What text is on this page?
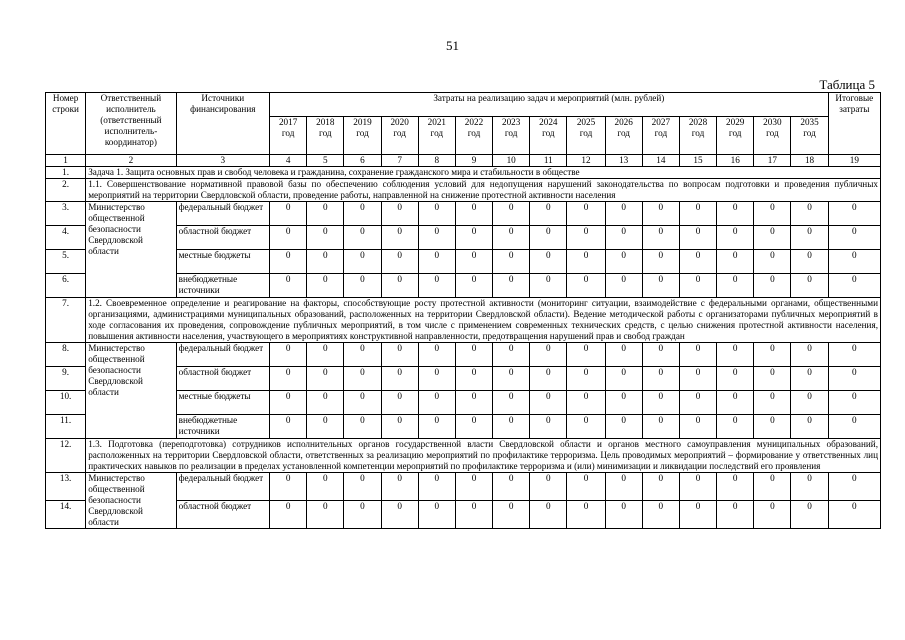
51
Таблица 5
Номер строки	Ответственный исполнитель (ответственный исполнитель-координатор)	Источники финансирования	Затраты на реализацию задач и мероприятий (млн. рублей)															Итоговые затраты
			2017 год	2018 год	2019 год	2020 год	2021 год	2022 год	2023 год	2024 год	2025 год	2026 год	2027 год	2028 год	2029 год	2030 год	2035 год	
1	2	3	4	5	6	7	8	9	10	11	12	13	14	15	16	17	18	19
1.	Задача 1. Защита основных прав и свобод человека и гражданина, сохранение гражданского мира и стабильности в обществе																	
2.	1.1. Совершенствование нормативной правовой базы по обеспечению соблюдения условий для недопущения нарушений законодательства по вопросам подготовки и проведения публичных мероприятий на территории Свердловской области, проведение работы, направленной на снижение протестной активности населения																	
3.	Министерство общественной безопасности Свердловской области	федеральный бюджет	0	0	0	0	0	0	0	0	0	0	0	0	0	0	0	0
4.		областной бюджет	0	0	0	0	0	0	0	0	0	0	0	0	0	0	0	0
5.		местные бюджеты	0	0	0	0	0	0	0	0	0	0	0	0	0	0	0	0
6.		внебюджетные источники	0	0	0	0	0	0	0	0	0	0	0	0	0	0	0	0
7.	1.2. Своевременное определение и реагирование на факторы, способствующие росту протестной активности (мониторинг ситуации, взаимодействие с федеральными органами, общественными организациями, администрациями муниципальных образований, расположенных на территории Свердловской области). Ведение методической работы с организаторами публичных мероприятий в ходе согласования их проведения, сопровождение публичных мероприятий, в том числе с применением современных технических средств, с целью снижения протестной активности населения, повышения активности населения, участвующего в мероприятиях конструктивной направленности, предотвращения нарушений прав и свобод граждан																	
8.	Министерство общественной безопасности Свердловской области	федеральный бюджет	0	0	0	0	0	0	0	0	0	0	0	0	0	0	0	0
9.		областной бюджет	0	0	0	0	0	0	0	0	0	0	0	0	0	0	0	0
10.		местные бюджеты	0	0	0	0	0	0	0	0	0	0	0	0	0	0	0	0
11.		внебюджетные источники	0	0	0	0	0	0	0	0	0	0	0	0	0	0	0	0
12.	1.3. Подготовка (переподготовка) сотрудников исполнительных органов государственной власти Свердловской области и органов местного самоуправления муниципальных образований, расположенных на территории Свердловской области, ответственных за реализацию мероприятий по профилактике терроризма. Цель проводимых мероприятий – формирование у ответственных лиц практических навыков по реализации в пределах установленной компетенции мероприятий по профилактике терроризма и (или) минимизации и ликвидации последствий его проявления																	
13.	Министерство общественной безопасности Свердловской области	федеральный бюджет	0	0	0	0	0	0	0	0	0	0	0	0	0	0	0	0
14.		областной бюджет	0	0	0	0	0	0	0	0	0	0	0	0	0	0	0	0
